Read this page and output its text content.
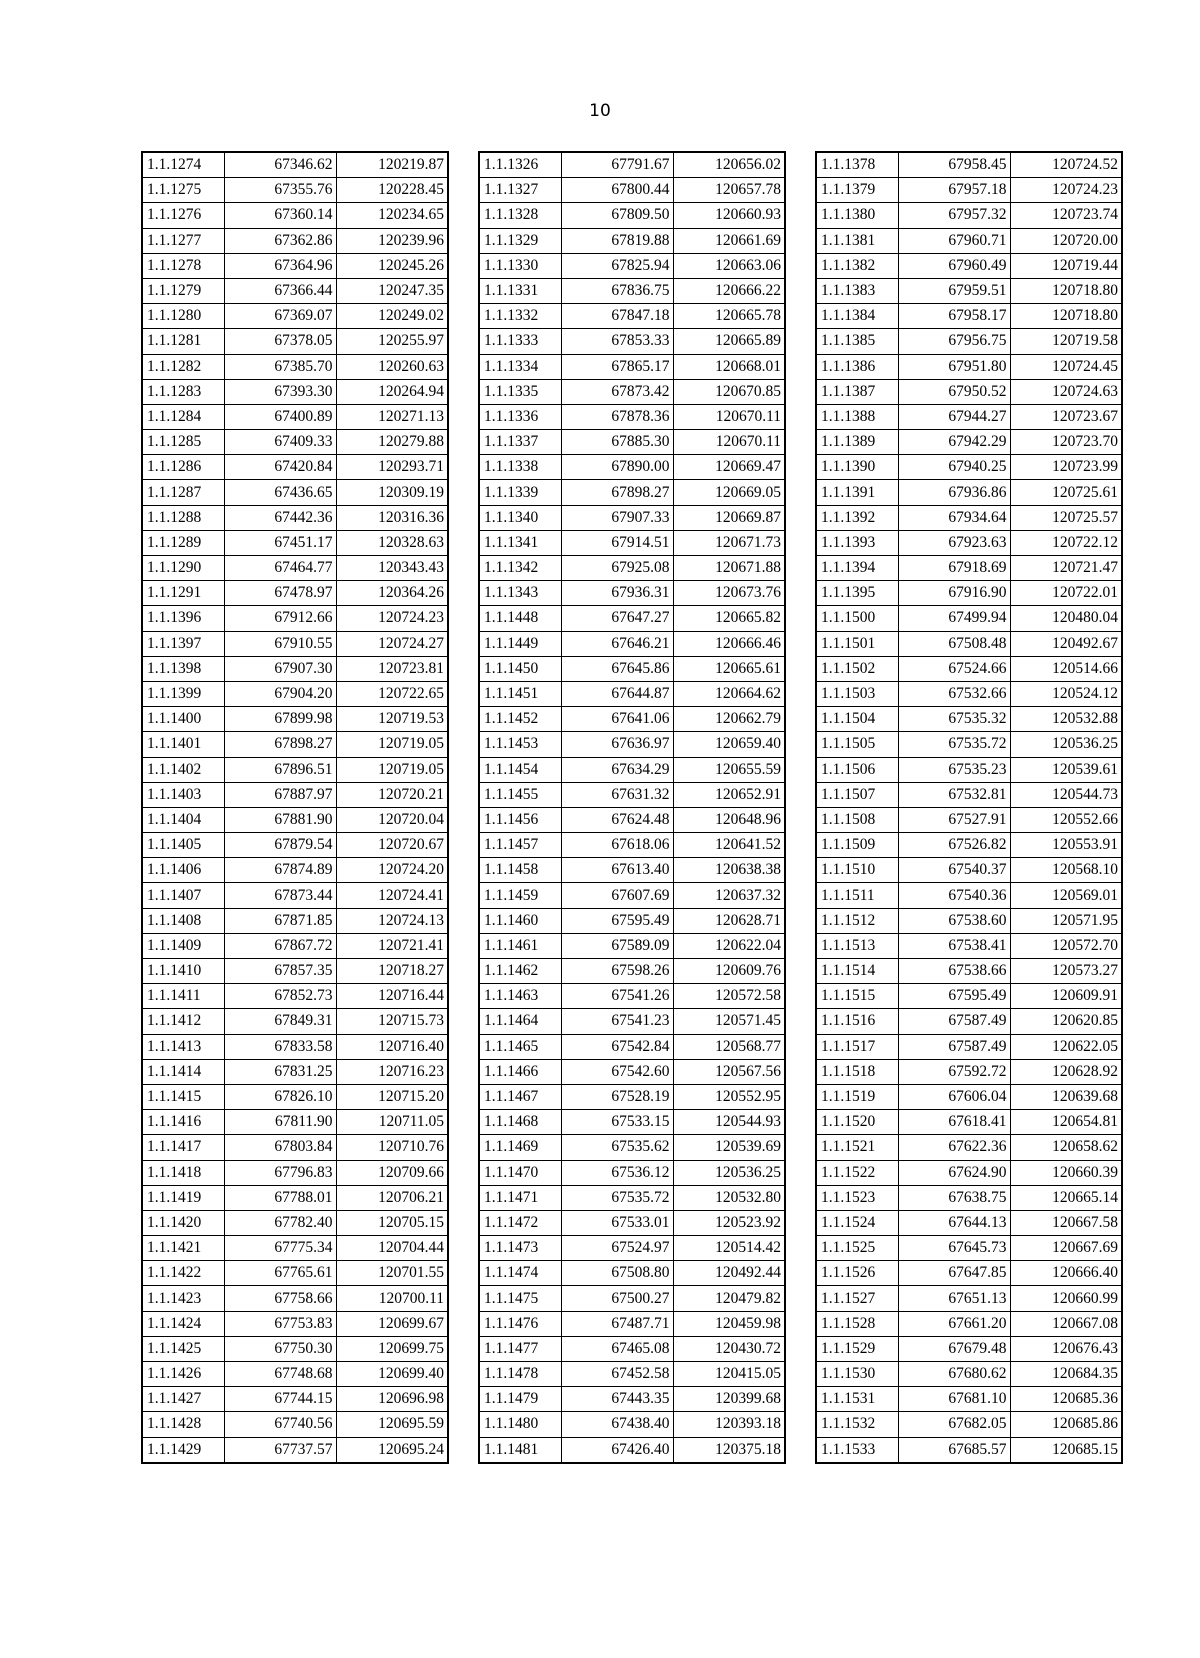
10
1.1.1274	67346.62	120219.87
1.1.1275	67355.76	120228.45
1.1.1276	67360.14	120234.65
1.1.1277	67362.86	120239.96
1.1.1278	67364.96	120245.26
1.1.1279	67366.44	120247.35
1.1.1280	67369.07	120249.02
1.1.1281	67378.05	120255.97
1.1.1282	67385.70	120260.63
1.1.1283	67393.30	120264.94
1.1.1284	67400.89	120271.13
1.1.1285	67409.33	120279.88
1.1.1286	67420.84	120293.71
1.1.1287	67436.65	120309.19
1.1.1288	67442.36	120316.36
1.1.1289	67451.17	120328.63
1.1.1290	67464.77	120343.43
1.1.1291	67478.97	120364.26
1.1.1396	67912.66	120724.23
1.1.1397	67910.55	120724.27
1.1.1398	67907.30	120723.81
1.1.1399	67904.20	120722.65
1.1.1400	67899.98	120719.53
1.1.1401	67898.27	120719.05
1.1.1402	67896.51	120719.05
1.1.1403	67887.97	120720.21
1.1.1404	67881.90	120720.04
1.1.1405	67879.54	120720.67
1.1.1406	67874.89	120724.20
1.1.1407	67873.44	120724.41
1.1.1408	67871.85	120724.13
1.1.1409	67867.72	120721.41
1.1.1410	67857.35	120718.27
1.1.1411	67852.73	120716.44
1.1.1412	67849.31	120715.73
1.1.1413	67833.58	120716.40
1.1.1414	67831.25	120716.23
1.1.1415	67826.10	120715.20
1.1.1416	67811.90	120711.05
1.1.1417	67803.84	120710.76
1.1.1418	67796.83	120709.66
1.1.1419	67788.01	120706.21
1.1.1420	67782.40	120705.15
1.1.1421	67775.34	120704.44
1.1.1422	67765.61	120701.55
1.1.1423	67758.66	120700.11
1.1.1424	67753.83	120699.67
1.1.1425	67750.30	120699.75
1.1.1426	67748.68	120699.40
1.1.1427	67744.15	120696.98
1.1.1428	67740.56	120695.59
1.1.1429	67737.57	120695.24
1.1.1326	67791.67	120656.02
1.1.1327	67800.44	120657.78
1.1.1328	67809.50	120660.93
1.1.1329	67819.88	120661.69
1.1.1330	67825.94	120663.06
1.1.1331	67836.75	120666.22
1.1.1332	67847.18	120665.78
1.1.1333	67853.33	120665.89
1.1.1334	67865.17	120668.01
1.1.1335	67873.42	120670.85
1.1.1336	67878.36	120670.11
1.1.1337	67885.30	120670.11
1.1.1338	67890.00	120669.47
1.1.1339	67898.27	120669.05
1.1.1340	67907.33	120669.87
1.1.1341	67914.51	120671.73
1.1.1342	67925.08	120671.88
1.1.1343	67936.31	120673.76
1.1.1448	67647.27	120665.82
1.1.1449	67646.21	120666.46
1.1.1450	67645.86	120665.61
1.1.1451	67644.87	120664.62
1.1.1452	67641.06	120662.79
1.1.1453	67636.97	120659.40
1.1.1454	67634.29	120655.59
1.1.1455	67631.32	120652.91
1.1.1456	67624.48	120648.96
1.1.1457	67618.06	120641.52
1.1.1458	67613.40	120638.38
1.1.1459	67607.69	120637.32
1.1.1460	67595.49	120628.71
1.1.1461	67589.09	120622.04
1.1.1462	67598.26	120609.76
1.1.1463	67541.26	120572.58
1.1.1464	67541.23	120571.45
1.1.1465	67542.84	120568.77
1.1.1466	67542.60	120567.56
1.1.1467	67528.19	120552.95
1.1.1468	67533.15	120544.93
1.1.1469	67535.62	120539.69
1.1.1470	67536.12	120536.25
1.1.1471	67535.72	120532.80
1.1.1472	67533.01	120523.92
1.1.1473	67524.97	120514.42
1.1.1474	67508.80	120492.44
1.1.1475	67500.27	120479.82
1.1.1476	67487.71	120459.98
1.1.1477	67465.08	120430.72
1.1.1478	67452.58	120415.05
1.1.1479	67443.35	120399.68
1.1.1480	67438.40	120393.18
1.1.1481	67426.40	120375.18
1.1.1378	67958.45	120724.52
1.1.1379	67957.18	120724.23
1.1.1380	67957.32	120723.74
1.1.1381	67960.71	120720.00
1.1.1382	67960.49	120719.44
1.1.1383	67959.51	120718.80
1.1.1384	67958.17	120718.80
1.1.1385	67956.75	120719.58
1.1.1386	67951.80	120724.45
1.1.1387	67950.52	120724.63
1.1.1388	67944.27	120723.67
1.1.1389	67942.29	120723.70
1.1.1390	67940.25	120723.99
1.1.1391	67936.86	120725.61
1.1.1392	67934.64	120725.57
1.1.1393	67923.63	120722.12
1.1.1394	67918.69	120721.47
1.1.1395	67916.90	120722.01
1.1.1500	67499.94	120480.04
1.1.1501	67508.48	120492.67
1.1.1502	67524.66	120514.66
1.1.1503	67532.66	120524.12
1.1.1504	67535.32	120532.88
1.1.1505	67535.72	120536.25
1.1.1506	67535.23	120539.61
1.1.1507	67532.81	120544.73
1.1.1508	67527.91	120552.66
1.1.1509	67526.82	120553.91
1.1.1510	67540.37	120568.10
1.1.1511	67540.36	120569.01
1.1.1512	67538.60	120571.95
1.1.1513	67538.41	120572.70
1.1.1514	67538.66	120573.27
1.1.1515	67595.49	120609.91
1.1.1516	67587.49	120620.85
1.1.1517	67587.49	120622.05
1.1.1518	67592.72	120628.92
1.1.1519	67606.04	120639.68
1.1.1520	67618.41	120654.81
1.1.1521	67622.36	120658.62
1.1.1522	67624.90	120660.39
1.1.1523	67638.75	120665.14
1.1.1524	67644.13	120667.58
1.1.1525	67645.73	120667.69
1.1.1526	67647.85	120666.40
1.1.1527	67651.13	120660.99
1.1.1528	67661.20	120667.08
1.1.1529	67679.48	120676.43
1.1.1530	67680.62	120684.35
1.1.1531	67681.10	120685.36
1.1.1532	67682.05	120685.86
1.1.1533	67685.57	120685.15
